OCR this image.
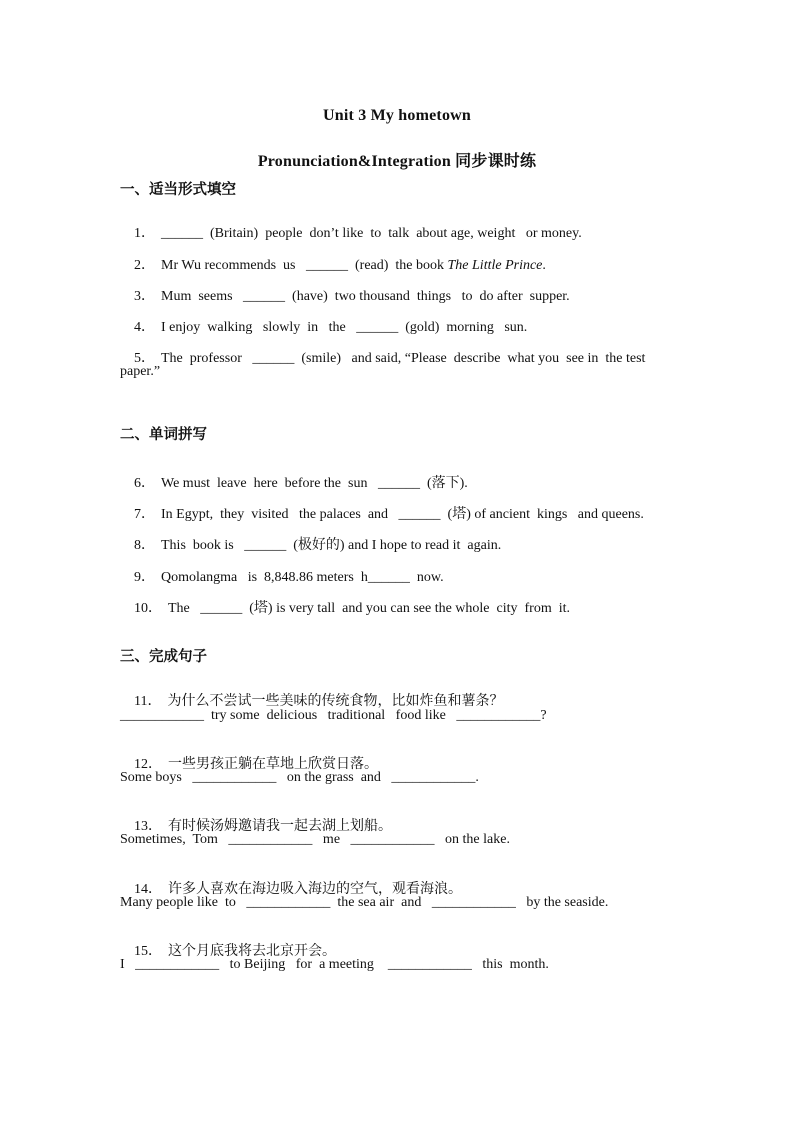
Unit 3 My hometown
Pronunciation&Integration 同步课时练
一、适当形式填空

1． ______  (Britain)  people  don’t like  to  talk  about age, weight   or money.

2． Mr Wu recommends  us   ______  (read)  the book The Little Prince.

3． Mum  seems   ______  (have)  two thousand  things   to  do after  supper.

4． I enjoy  walking   slowly  in   the   ______  (gold)  morning   sun.

5． The  professor   ______  (smile)   and said, “Please  describe  what you  see in  the test

paper.”
二、单词拼写

6． We must  leave  here  before the  sun   ______  (落下).

7． In Egypt,  they  visited   the palaces  and   ______  (塔) of ancient  kings   and queens.

8． This  book is   ______  (极好的) and I hope to read it  again.

9． Qomolangma   is  8,848.86 meters  h______  now.

10． The   ______  (塔) is very tall  and you can see the whole  city  from  it.

三、完成句子

11． 为什么不尝试一些美味的传统食物，比如炸鱼和薯条？

____________  try some  delicious   traditional   food like   ____________?

12． 一些男孩正躺在草地上欣赏日落。

Some boys   ____________   on the grass  and   ____________.

13． 有时候汤姆邀请我一起去湖上划船。

Sometimes,  Tom   ____________   me   ____________   on the lake.

14． 许多人喜欢在海边吸入海边的空气，观看海浪。

Many people like  to   ____________  the sea air  and   ____________   by the seaside.

15． 这个月底我将去北京开会。

I   ____________   to Beijing   for  a meeting    ____________   this  month.
